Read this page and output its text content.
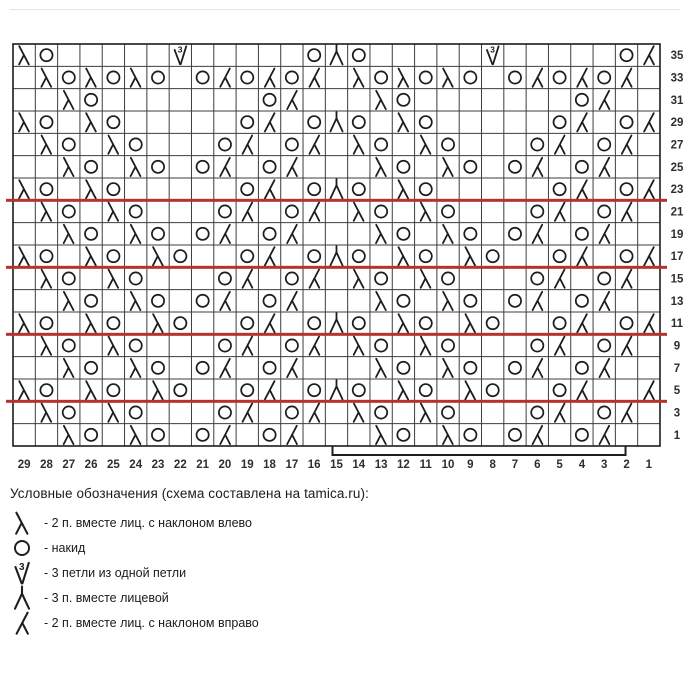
3
3
29 28 27 26 25 24 23 22 21 20 19 18 17 16 15 14 13 12 11 10 9 8 7 6 5 4 3 2 1
35
33
31
29
27
25
23
21
19
17
15
13
11
9
7
5
3
1
Условные обозначения (схема составлена на tamica.ru):
- 2 п. вместе лиц. с наклоном влево
- накид
3 - 3 петли из одной петли
- 3 п. вместе лицевой
- 2 п. вместе лиц. с наклоном вправо
